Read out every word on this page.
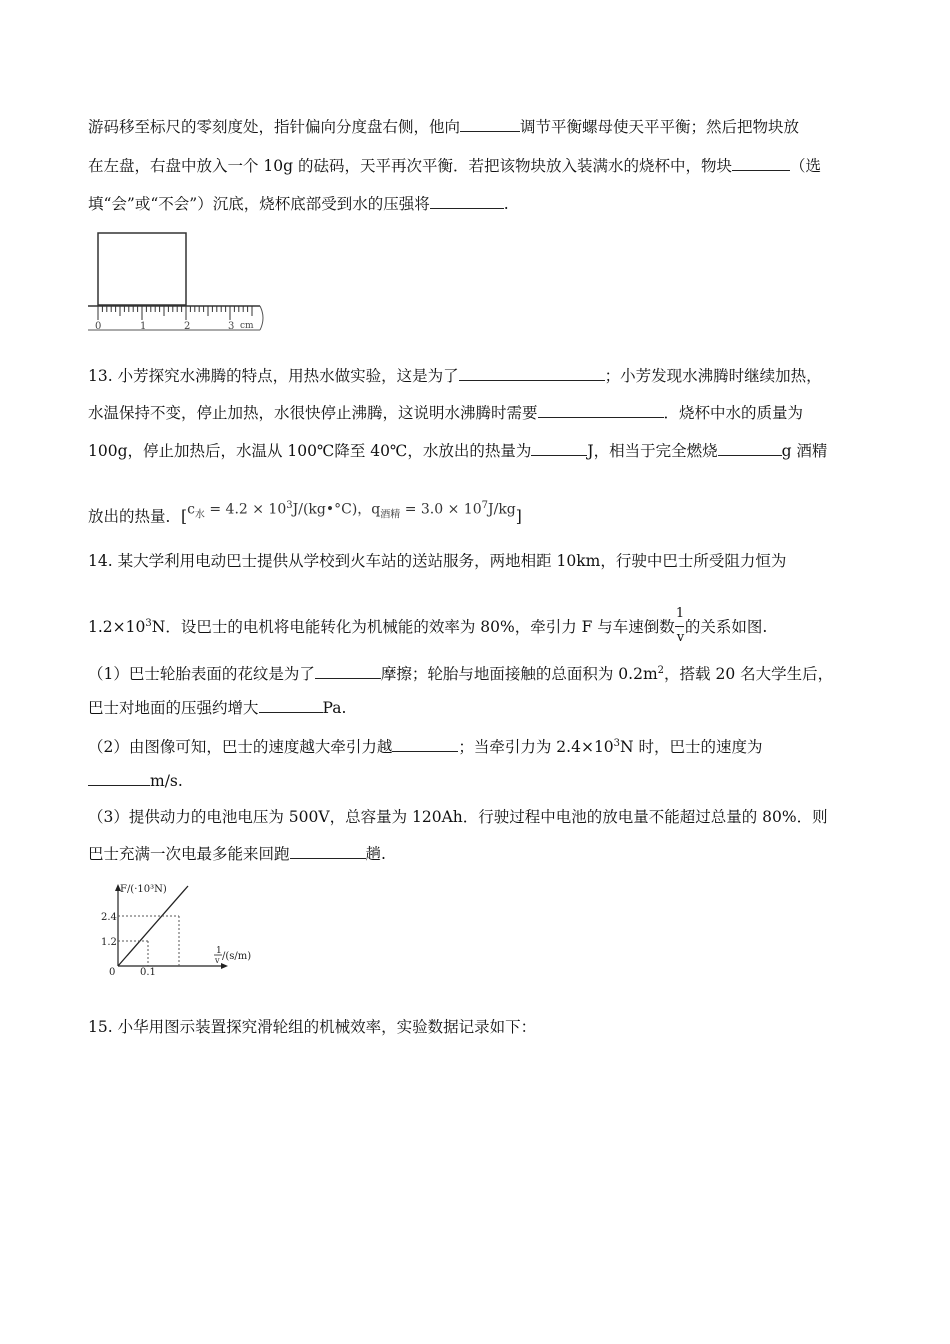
游码移至标尺的零刻度处，指针偏向分度盘右侧，他向	调节平衡螺母使天平平衡；然后把物块放
在左盘，右盘中放入一个 10g 的砝码，天平再次平衡．若把该物块放入装满水的烧杯中，物块	（选
填“会”或“不会”）沉底，烧杯底部受到水的压强将	.
0	1	2	3 cm
13. 小芳探究水沸腾的特点，用热水做实验，这是为了	；小芳发现水沸腾时继续加热，
水温保持不变，停止加热，水很快停止沸腾，这说明水沸腾时需要	．烧杯中水的质量为
100g，停止加热后，水温从 100℃降至 40℃，水放出的热量为	J，相当于完全燃烧	g 酒精
放出的热量．[$c_水 = 4.2$ × $10^3J/(kg•^\circ C)$，$q_{酒精} = 3.0 \times 10^7J/kg$]
14. 某大学利用电动巴士提供从学校到火车站的送站服务，两地相距 10km，行驶中巴士所受阻力恒为
$1.2\times 10^3N$．设巴士的电机将电能转化为机械能的效率为 80%，牵引力 F 与车速倒数 $\frac{1}{v}$ 的关系如图.
（1）巴士轮胎表面的花纹是为了	摩擦；轮胎与地面接触的总面积为 $0.2m^2$，搭载 20 名大学生后，
巴士对地面的压强约增大	Pa.
（2）由图像可知，巴士的速度越大牵引力越	；当牵引力为 $2.4\times 10^3N$ 时，巴士的速度为
m/s.
（3）提供动力的电池电压为 500V，总容量为 120Ah．行驶过程中电池的放电量不能超过总量的 80%．则
巴士充满一次电最多能来回跑	趟.
F/(·10³N)
2.4
1.2
0 0.1
1
v /(s/m)
15. 小华用图示装置探究滑轮组的机械效率，实验数据记录如下：
